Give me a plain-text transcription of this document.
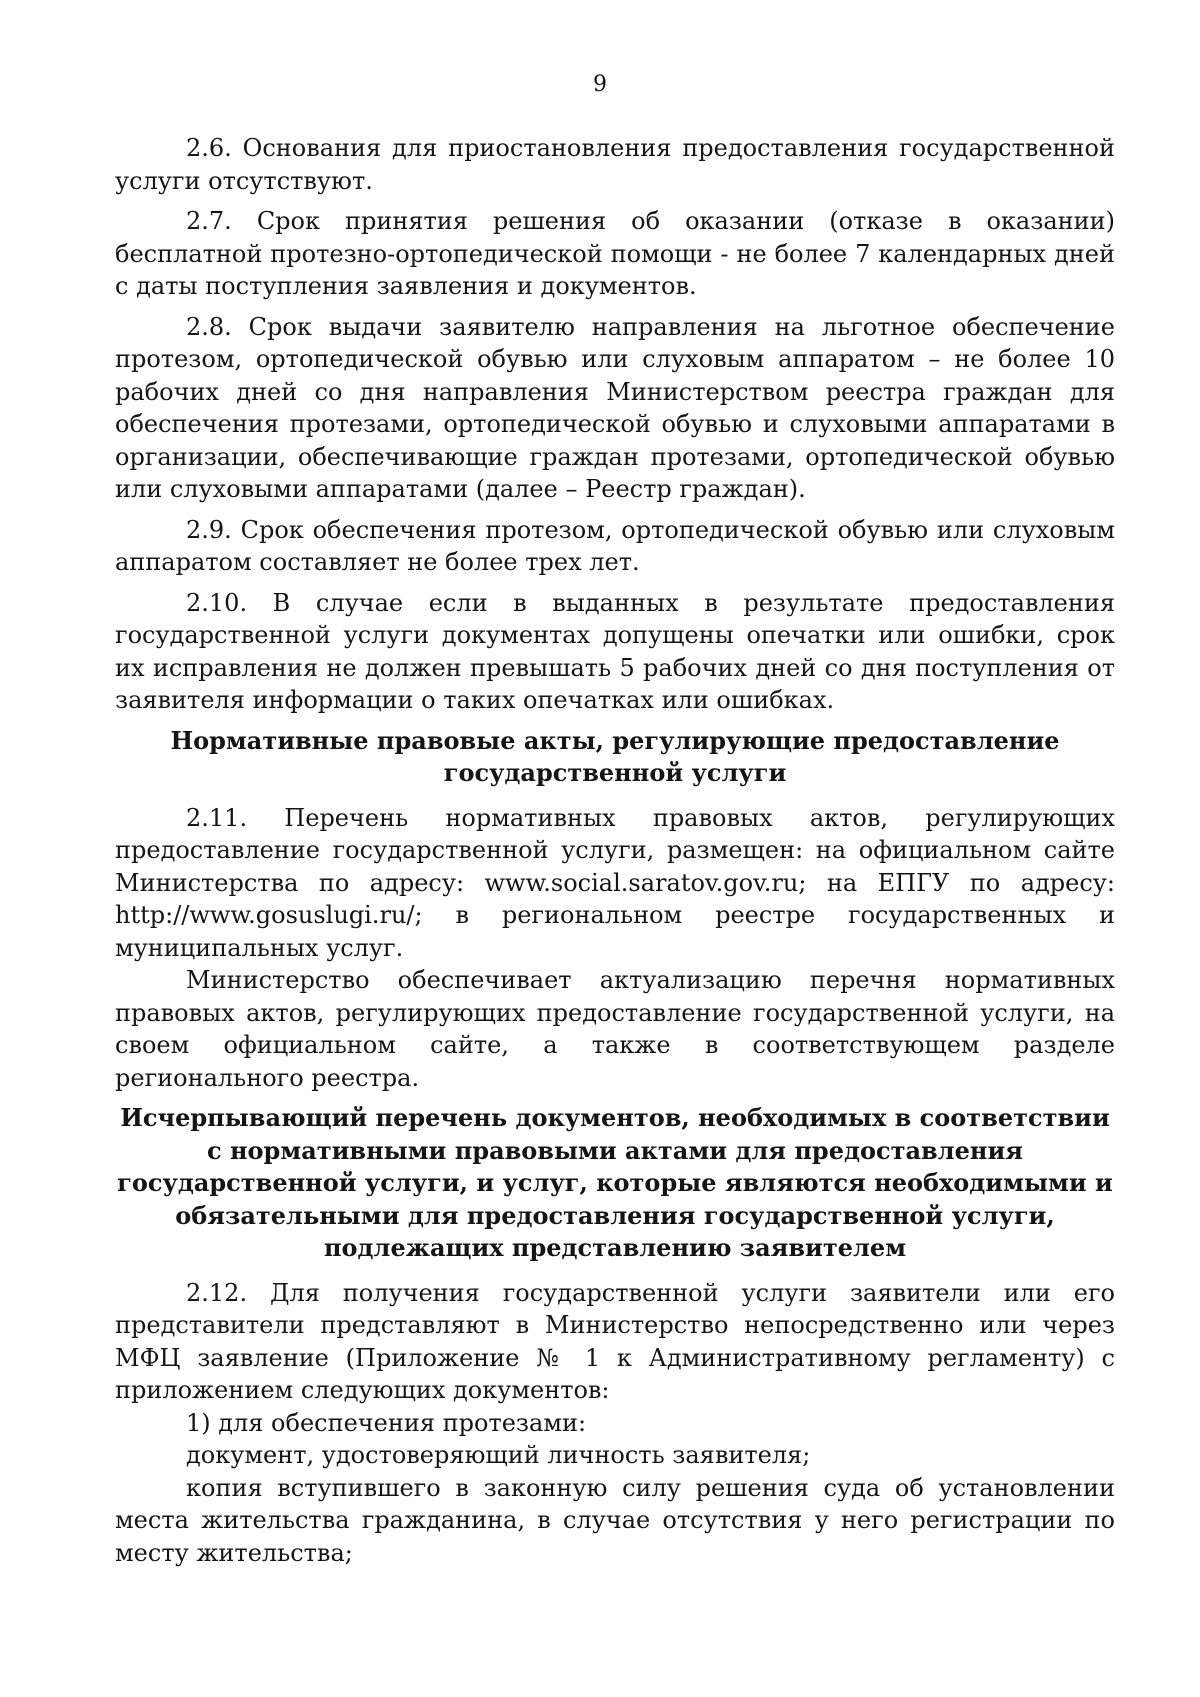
9

2.6. Основания для приостановления предоставления государственной услуги отсутствуют.

2.7. Срок принятия решения об оказании (отказе в оказании) бесплатной протезно-ортопедической помощи - не более 7 календарных дней с даты поступления заявления и документов.

2.8. Срок выдачи заявителю направления на льготное обеспечение протезом, ортопедической обувью или слуховым аппаратом – не более 10 рабочих дней со дня направления Министерством реестра граждан для обеспечения протезами, ортопедической обувью и слуховыми аппаратами в организации, обеспечивающие граждан протезами, ортопедической обувью или слуховыми аппаратами (далее – Реестр граждан).

2.9. Срок обеспечения протезом, ортопедической обувью или слуховым аппаратом составляет не более трех лет.

2.10. В случае если в выданных в результате предоставления государственной услуги документах допущены опечатки или ошибки, срок их исправления не должен превышать 5 рабочих дней со дня поступления от заявителя информации о таких опечатках или ошибках.

Нормативные правовые акты, регулирующие предоставление государственной услуги

2.11. Перечень нормативных правовых актов, регулирующих предоставление государственной услуги, размещен: на официальном сайте Министерства по адресу: www.social.saratov.gov.ru; на ЕПГУ по адресу: http://www.gosuslugi.ru/; в региональном реестре государственных и муниципальных услуг.

Министерство обеспечивает актуализацию перечня нормативных правовых актов, регулирующих предоставление государственной услуги, на своем официальном сайте, а также в соответствующем разделе регионального реестра.

Исчерпывающий перечень документов, необходимых в соответствии с нормативными правовыми актами для предоставления государственной услуги, и услуг, которые являются необходимыми и обязательными для предоставления государственной услуги, подлежащих представлению заявителем

2.12. Для получения государственной услуги заявители или его представители представляют в Министерство непосредственно или через МФЦ заявление (Приложение № 1 к Административному регламенту) с приложением следующих документов:

1) для обеспечения протезами:

документ, удостоверяющий личность заявителя;

копия вступившего в законную силу решения суда об установлении места жительства гражданина, в случае отсутствия у него регистрации по месту жительства;
